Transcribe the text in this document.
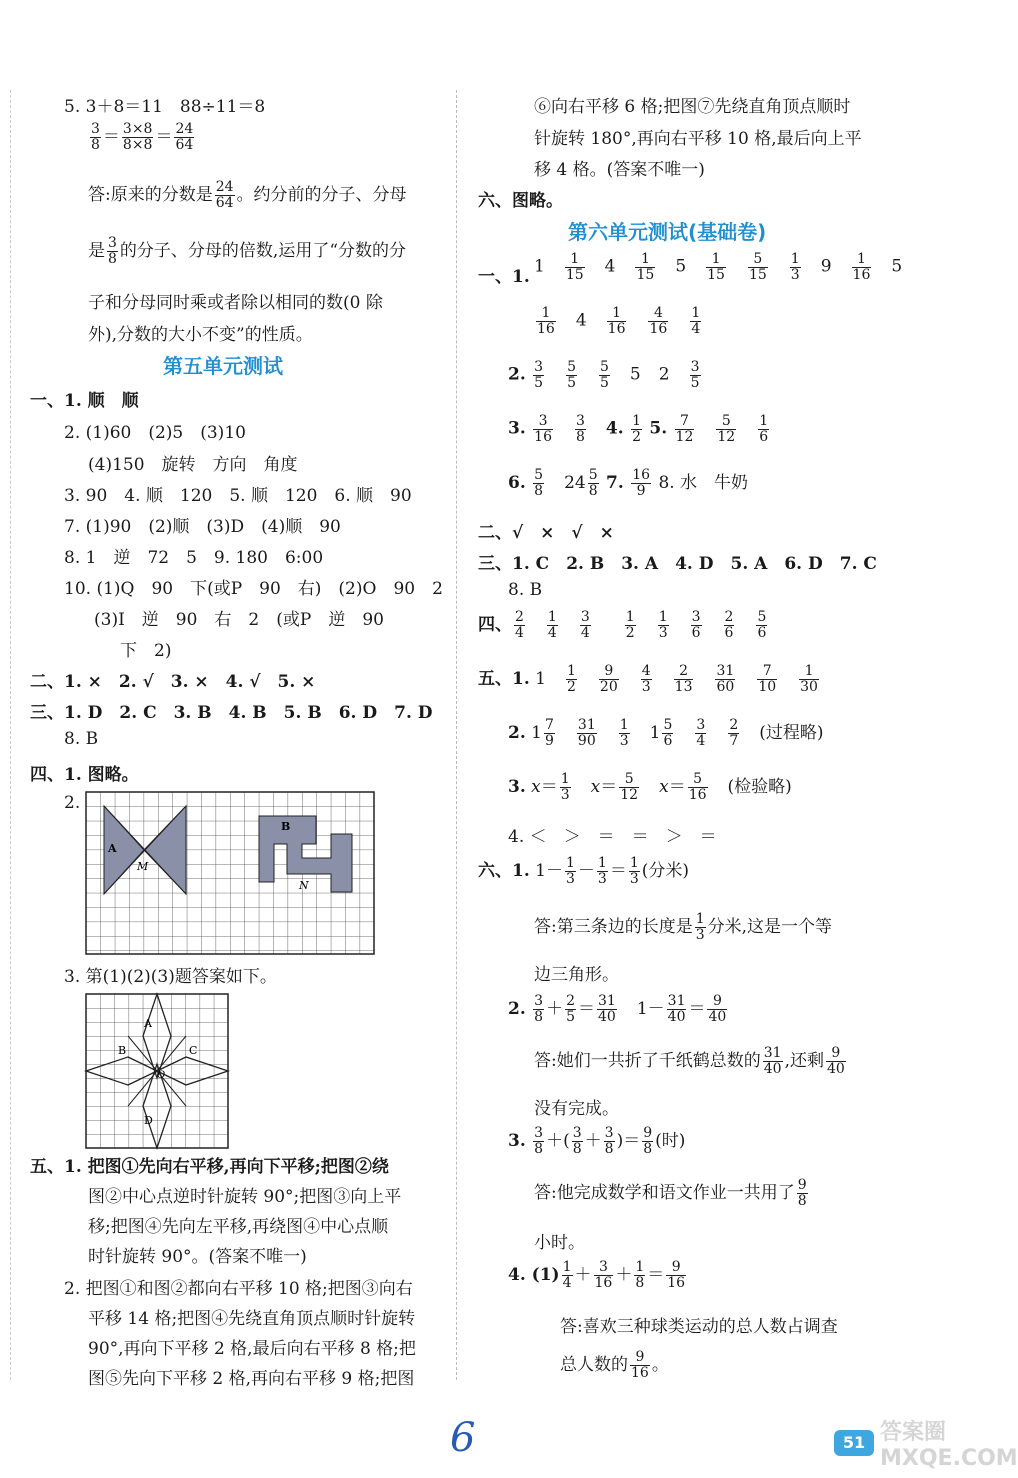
5. 3＋8＝11　88÷11＝8
$\frac{3}{8} = \frac{3\times 8}{8\times 8} = \frac{24}{64}$
答:原来的分数是 $\frac{24}{64}$ 。约分前的分子、分母
是 $\frac{3}{8}$ 的分子、分母的倍数,运用了“分数的分
子和分母同时乘或者除以相同的数(0 除
外),分数的大小不变”的性质。
第五单元测试
一、1. 顺　顺
2. (1)60　(2)5　(3)10
(4)150　旋转　方向　角度
3. 90　4. 顺　120　5. 顺　120　6. 顺　90
7. (1)90　(2)顺　(3)D　(4)顺　90
8. 1　逆　72　5　9. 180　6:00
10. (1)Q　90　下(或P　90　右)　(2)O　90　2
(3)I　逆　90　右　2　(或P　逆　90
下　2)
二、1. ×　2. √　3. ×　4. √　5. ×
三、1. D　2. C　3. B　4. B　5. B　6. D　7. D
8. B
四、1. 图略。
2.
A
M
B
N
3. 第(1)(2)(3)题答案如下。
A
B	C
O
D
五、1. 把图①先向右平移,再向下平移;把图②绕
图②中心点逆时针旋转 90°;把图③向上平
移;把图④先向左平移,再绕图④中心点顺
时针旋转 90°。(答案不唯一)
2. 把图①和图②都向右平移 10 格;把图③向右
平移 14 格;把图④先绕直角顶点顺时针旋转
90°,再向下平移 2 格,最后向右平移 8 格;把
图⑤先向下平移 2 格,再向右平移 9 格;把图
⑥向右平移 6 格;把图⑦先绕直角顶点顺时
针旋转 180°,再向右平移 10 格,最后向上平
移 4 格。(答案不唯一)
六、图略。
第六单元测试(基础卷)
一、1.
$1 \frac{1}{15} 4 \frac{1}{15} 5 \frac{1}{15} \frac{5}{15} \frac{1}{3} 9 \frac{1}{16} 5$
$\frac{1}{16} 4 \frac{1}{16} \frac{4}{16} \frac{1}{4}$
2. $\frac{3}{5} \frac{5}{5} \frac{5}{5} 5$ $2 \frac{3}{5}$
3. $\frac{3}{16} \frac{3}{8} 4$. $\frac{1}{2} 5$. $\frac{7}{12} \frac{5}{12} \frac{1}{6}$
6. $\frac{5}{8} 24 \frac{5}{8} 7$. $\frac{16}{9} 8$. 水　牛奶
二、√　×　√　×
三、1. C　2. B　3. A　4. D　5. A　6. D　7. C
8. B
四、 $\frac{2}{4} \frac{1}{4} \frac{3}{4} \frac{1}{2} \frac{1}{3} \frac{3}{6} \frac{2}{6} \frac{5}{6}$
五、1. $1 \frac{1}{2} \frac{9}{20} \frac{4}{3} \frac{2}{13} \frac{31}{60} \frac{7}{10} \frac{1}{30}$
2. $1 \frac{7}{9} \frac{31}{90} \frac{1}{3} 1 \frac{5}{6} \frac{3}{4} \frac{2}{7}$ (过程略)
3. $x= \frac{1}{3} x= \frac{5}{12} x= \frac{5}{16}$ (检验略)
4. ＜　＞　＝　＝　＞　＝
六、1. $1- \frac{1}{3} - \frac{1}{3} = \frac{1}{3}$ (分米)
答:第三条边的长度是 $\frac{1}{3}$ 分米,这是一个等
边三角形。
2. $\frac{3}{8} + \frac{2}{5} = \frac{31}{40} 1- \frac{31}{40} = \frac{9}{40}$
答:她们一共折了千纸鹤总数的 $\frac{31}{40}$ ,还剩 $\frac{9}{40}$
没有完成。
3. $\frac{3}{8}$ ＋( $\frac{3}{8} + \frac{3}{8}$ )＝ $\frac{9}{8}$ (时)
答:他完成数学和语文作业一共用了 $\frac{9}{8}$
小时。
4. $(1) \frac{1}{4} + \frac{3}{16} + \frac{1}{8} = \frac{9}{16}$
答:喜欢三种球类运动的总人数占调查
总人数的 $\frac{9}{16}$ 。
6	51 答案圈 MXQE.COM
